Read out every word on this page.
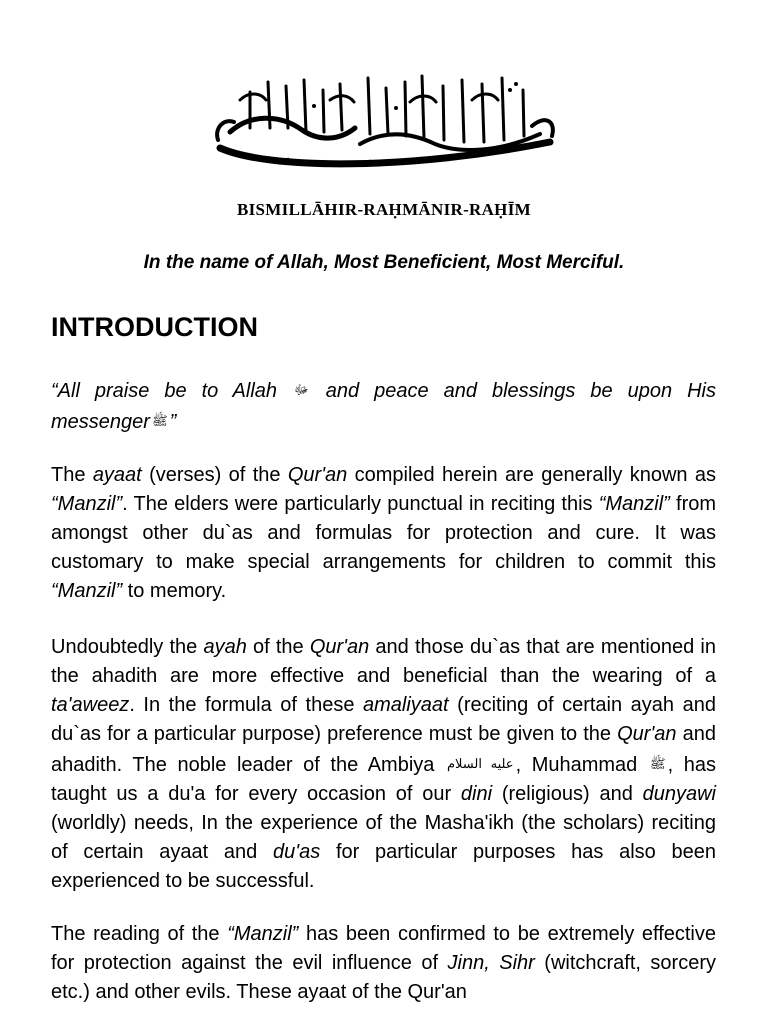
BISMILLĀHIR-RAḤMĀNIR-RAḤĪM
In the name of Allah, Most Beneficient, Most Merciful.
INTRODUCTION
“All praise be to Allah ﷻ and peace and blessings be upon His messenger ﷺ ”
The ayaat (verses) of the Qur'an compiled herein are generally known as “Manzil”. The elders were particularly punctual in reciting this “Manzil” from amongst other du`as and formulas for protection and cure. It was customary to make special arrangements for children to commit this “Manzil” to memory.
Undoubtedly the ayah of the Qur'an and those du`as that are mentioned in the ahadith are more effective and beneficial than the wearing of a ta'aweez. In the formula of these amaliyaat (reciting of certain ayah and du`as for a particular purpose) preference must be given to the Qur'an and ahadith. The noble leader of the Ambiya عليه السلام , Muhammad ﷺ , has taught us a du'a for every occasion of our dini (religious) and dunyawi (worldly) needs, In the experience of the Masha'ikh (the scholars) reciting of certain ayaat and du'as for particular purposes has also been experienced to be successful.
The reading of the “Manzil” has been confirmed to be extremely effective for protection against the evil influence of Jinn, Sihr (witchcraft, sorcery etc.) and other evils. These ayaat of the Qur'an
